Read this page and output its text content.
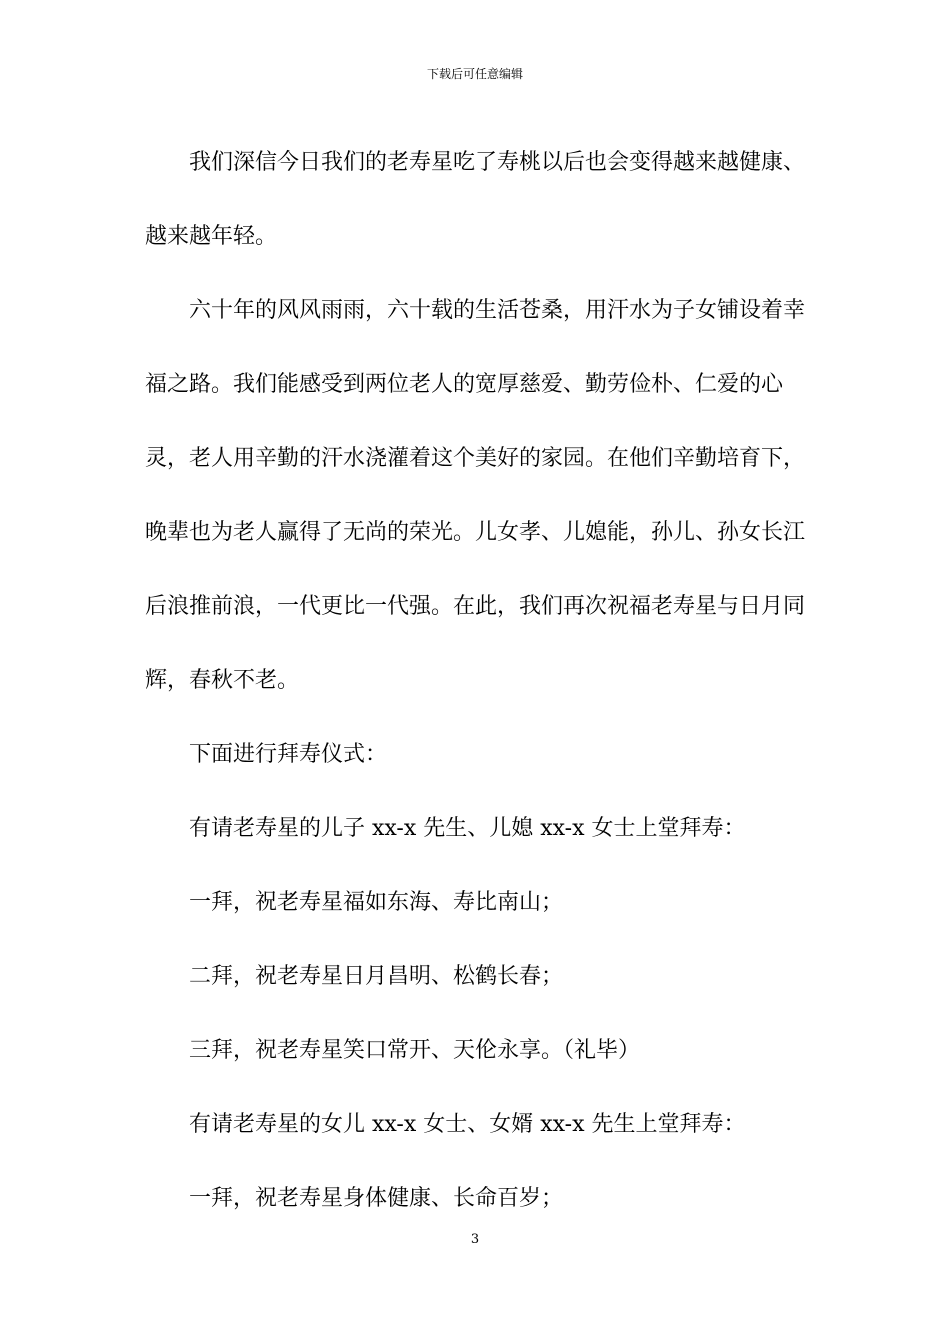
下载后可任意编辑

我们深信今日我们的老寿星吃了寿桃以后也会变得越来越健康、越来越年轻。

六十年的风风雨雨，六十载的生活苍桑，用汗水为子女铺设着幸福之路。我们能感受到两位老人的宽厚慈爱、勤劳俭朴、仁爱的心灵，老人用辛勤的汗水浇灌着这个美好的家园。在他们辛勤培育下，晚辈也为老人赢得了无尚的荣光。儿女孝、儿媳能，孙儿、孙女长江后浪推前浪，一代更比一代强。在此，我们再次祝福老寿星与日月同辉，春秋不老。

下面进行拜寿仪式：

有请老寿星的儿子 xx-x 先生、儿媳 xx-x 女士上堂拜寿：

一拜，祝老寿星福如东海、寿比南山；

二拜，祝老寿星日月昌明、松鹤长春；

三拜，祝老寿星笑口常开、天伦永享。（礼毕）

有请老寿星的女儿 xx-x 女士、女婿 xx-x 先生上堂拜寿：

一拜，祝老寿星身体健康、长命百岁；

3
